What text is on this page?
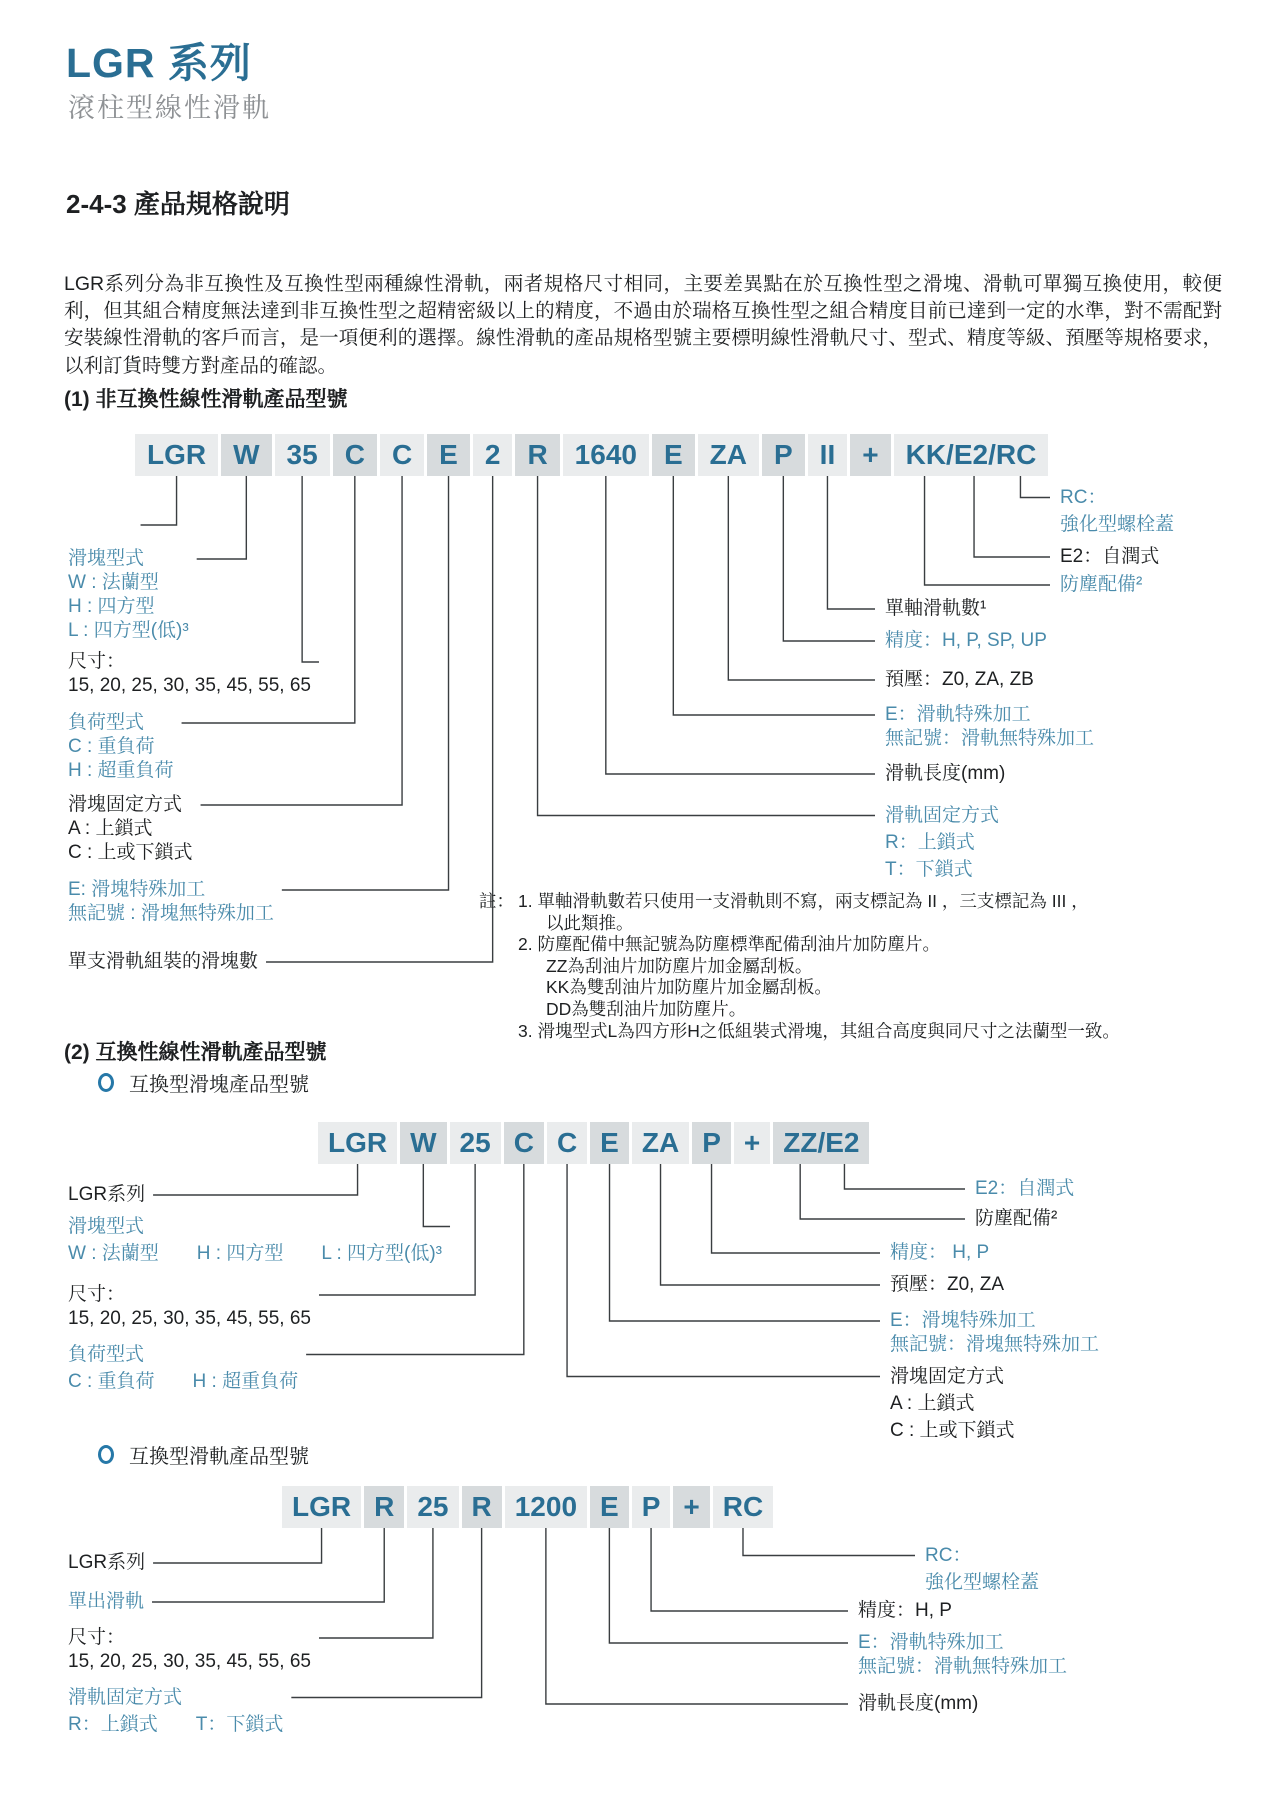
LGR 系列
滾柱型線性滑軌
2-4-3 產品規格說明

LGR系列分為非互換性及互換性型兩種線性滑軌，兩者規格尺寸相同，主要差異點在於互換性型之滑塊、滑軌可單獨互換使用，較便利，但其組合精度無法達到非互換性型之超精密級以上的精度，不過由於瑞格互換性型之組合精度目前已達到一定的水準，對不需配對安裝線性滑軌的客戶而言，是一項便利的選擇。線性滑軌的產品規格型號主要標明線性滑軌尺寸、型式、精度等級、預壓等規格要求，以利訂貨時雙方對產品的確認。

(1) 非互換性線性滑軌產品型號
LGR W 35 C C E 2 R 1640 E ZA P II + KK/E2/RC
滑塊型式
W : 法蘭型
H : 四方型
L : 四方型(低)³
尺寸：
15, 20, 25, 30, 35, 45, 55, 65
負荷型式
C : 重負荷
H : 超重負荷
滑塊固定方式
A : 上鎖式
C : 上或下鎖式
E: 滑塊特殊加工
無記號 : 滑塊無特殊加工
單支滑軌組裝的滑塊數
RC：
強化型螺栓蓋
E2：自潤式
防塵配備²
單軸滑軌數¹
精度：H, P, SP, UP
預壓：Z0, ZA, ZB
E：滑軌特殊加工
無記號：滑軌無特殊加工
滑軌長度(mm)
滑軌固定方式
R：上鎖式
T：下鎖式
註： 1. 單軸滑軌數若只使用一支滑軌則不寫，兩支標記為 II ，三支標記為 III ，
以此類推。
2. 防塵配備中無記號為防塵標準配備刮油片加防塵片。
ZZ為刮油片加防塵片加金屬刮板。
KK為雙刮油片加防塵片加金屬刮板。
DD為雙刮油片加防塵片。
3. 滑塊型式L為四方形H之低組裝式滑塊，其組合高度與同尺寸之法蘭型一致。
(2) 互換性線性滑軌產品型號
互換型滑塊產品型號
LGR W 25 C C E ZA P + ZZ/E2
LGR系列
滑塊型式
W : 法蘭型　　H : 四方型　　L : 四方型(低)³
尺寸：
15, 20, 25, 30, 35, 45, 55, 65
負荷型式
C : 重負荷　　H : 超重負荷
E2：自潤式
防塵配備²
精度： H, P
預壓：Z0, ZA
E：滑塊特殊加工
無記號：滑塊無特殊加工
滑塊固定方式
A : 上鎖式
C : 上或下鎖式
互換型滑軌產品型號
LGR R 25 R 1200 E P + RC
LGR系列
單出滑軌
尺寸：
15, 20, 25, 30, 35, 45, 55, 65
滑軌固定方式
R：上鎖式　　T：下鎖式
RC：
強化型螺栓蓋
精度：H, P
E：滑軌特殊加工
無記號：滑軌無特殊加工
滑軌長度(mm)
